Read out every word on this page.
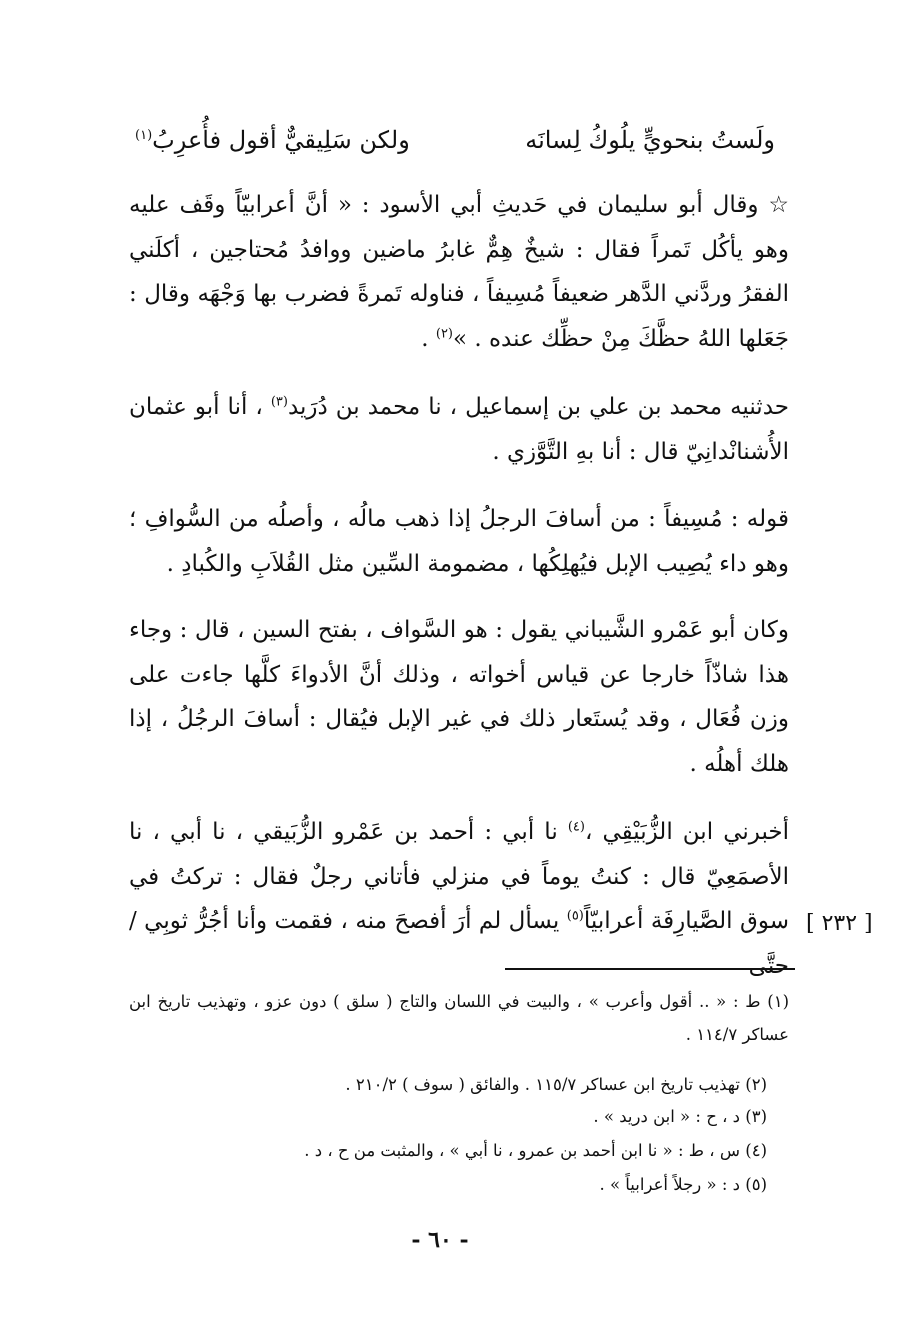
ولَستُ بنحويٍّ يلُوكُ لِسانَه
ولكن سَلِيقيٌّ أقول فأُعرِبُ$^{(١)}$

☆ وقال أبو سليمان في حَديثِ أبي الأسود : « أنَّ أعرابيّاً وقَف عليه وهو يأكُل تَمراً فقال : شيخٌ هِمٌّ غابرُ ماضين ووافدُ مُحتاجين ، أكلَني الفقرُ وردَّني الدَّهر ضعيفاً مُسِيفاً ، فناوله تَمرةً فضرب بها وَجْهَه وقال : جَعَلها اللهُ حظَّكَ مِنْ حظِّك عنده . »$^{(٢)}$ .

حدثنيه محمد بن علي بن إسماعيل ، نا محمد بن دُرَيد$^{(٣)}$ ، أنا أبو عثمان الأُشنانْدانِيّ قال : أنا بهِ التَّوَّزي .

قوله : مُسِيفاً : من أسافَ الرجلُ إذا ذهب مالُه ، وأصلُه من السُّوافِ ؛ وهو داء يُصِيب الإبل فيُهلِكُها ، مضمومة السِّين مثل القُلاَبِ والكُبادِ .

وكان أبو عَمْرو الشَّيباني يقول : هو السَّواف ، بفتح السين ، قال : وجاء هذا شاذّاً خارجا عن قياس أخواته ، وذلك أنَّ الأدواءَ كلَّها جاءت على وزن فُعَال ، وقد يُستَعار ذلك في غير الإبل فيُقال : أسافَ الرجُلُ ، إذا هلك أهلُه .

أخبرني ابن الزُّبَيْقِي ،$^{(٤)}$ نا أبي : أحمد بن عَمْرو الزُّبَيقي ، نا أبي ، نا الأصمَعِيّ قال : كنتُ يوماً في منزلي فأتاني رجلٌ فقال : تركتُ في سوق الصَّيارِفَة أعرابيّاً$^{(٥)}$ يسأل لم أرَ أفصحَ منه ، فقمت وأنا أجُرُّ ثوبِي / حتَّى

[ ٢٣٢ ]

(١) ط : « .. أقول وأعرب » ، والبيت في اللسان والتاج ( سلق ) دون عزو ، وتهذيب تاريخ ابن عساكر ١١٤/٧ .

(٢) تهذيب تاريخ ابن عساكر ١١٥/٧ . والفائق ( سوف ) ٢١٠/٢ .

(٣) د ، ح : « ابن دريد » .

(٤) س ، ط : « نا ابن أحمد بن عمرو ، نا أبي » ، والمثبت من ح ، د .

(٥) د : « رجلاً أعرابياً » .

- ٦٠ -
